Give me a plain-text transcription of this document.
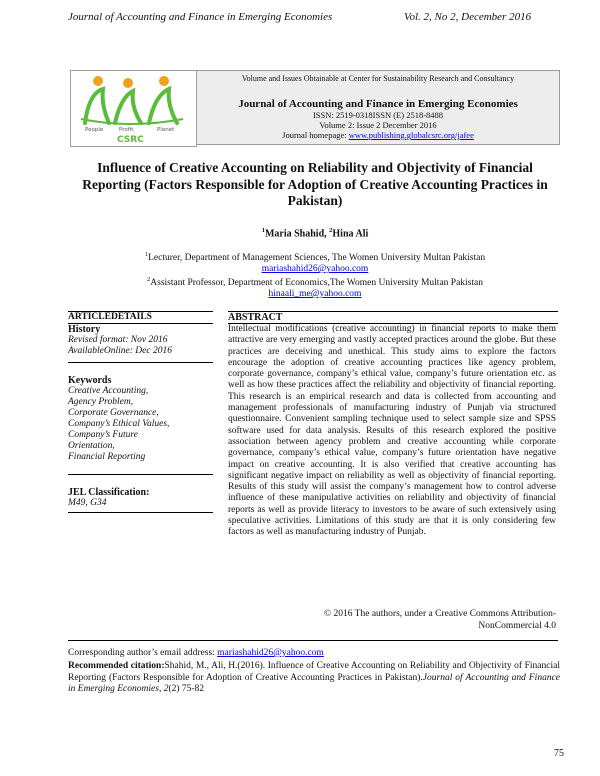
Journal of Accounting and Finance in Emerging Economies	Vol. 2, No 2, December 2016
People	Profit	Planet
CSRC
Volume and Issues Obtainable at Center for Sustainability Research and Consultancy
Journal of Accounting and Finance in Emerging Economies
ISSN: 2519-0318ISSN (E) 2518-8488
Volume 2: Issue 2 December 2016
Journal homepage: www.publishing.globalcsrc.org/jafee
Influence of Creative Accounting on Reliability and Objectivity of Financial
Reporting (Factors Responsible for Adoption of Creative Accounting Practices in
Pakistan)
$^1$Maria Shahid, $^2$Hina Ali
$^1$Lecturer, Department of Management Sciences, The Women University Multan Pakistan
mariashahid26@yahoo.com
$^2$Assistant Professor, Department of Economics,The Women University Multan Pakistan
hinaali_me@yahoo.com
ARTICLEDETAILS
History
Revised format: Nov 2016
AvailableOnline: Dec 2016
Keywords
Creative Accounting,
Agency Problem,
Corporate Governance,
Company’s Ethical Values,
Company’s Future
Orientation,
Financial Reporting
JEL Classification:
M49, G34
ABSTRACT
Intellectual modifications (creative accounting) in financial reports to make them attractive are very emerging and vastly accepted practices around the globe. But these practices are deceiving and unethical. This study aims to explore the factors encourage the adoption of creative accounting practices like agency problem, corporate governance, company’s ethical value, company’s future orientation etc. as well as how these practices affect the reliability and objectivity of financial reporting. This research is an empirical research and data is collected from accounting and management professionals of manufacturing industry of Punjab via structured questionnaire. Convenient sampling technique used to select sample size and SPSS software used for data analysis. Results of this research explored the positive association between agency problem and creative accounting while corporate governance, company’s ethical value, company’s future orientation have negative impact on creative accounting. It is also verified that creative accounting has significant negative impact on reliability as well as objectivity of financial reporting. Results of this study will assist the company’s management how to control adverse influence of these manipulative activities on reliability and objectivity of financial reports as well as provide literacy to investors to be aware of such extensively using speculative activities. Limitations of this study are that it is only considering few factors as well as manufacturing industry of Punjab.
© 2016 The authors, under a Creative Commons Attribution-
NonCommercial 4.0
Corresponding author’s email address: mariashahid26@yahoo.com
Recommended citation:Shahid, M., Ali, H.(2016). Influence of Creative Accounting on Reliability and Objectivity of Financial Reporting (Factors Responsible for Adoption of Creative Accounting Practices in Pakistan).Journal of Accounting and Finance in Emerging Economies, 2(2) 75-82
75
